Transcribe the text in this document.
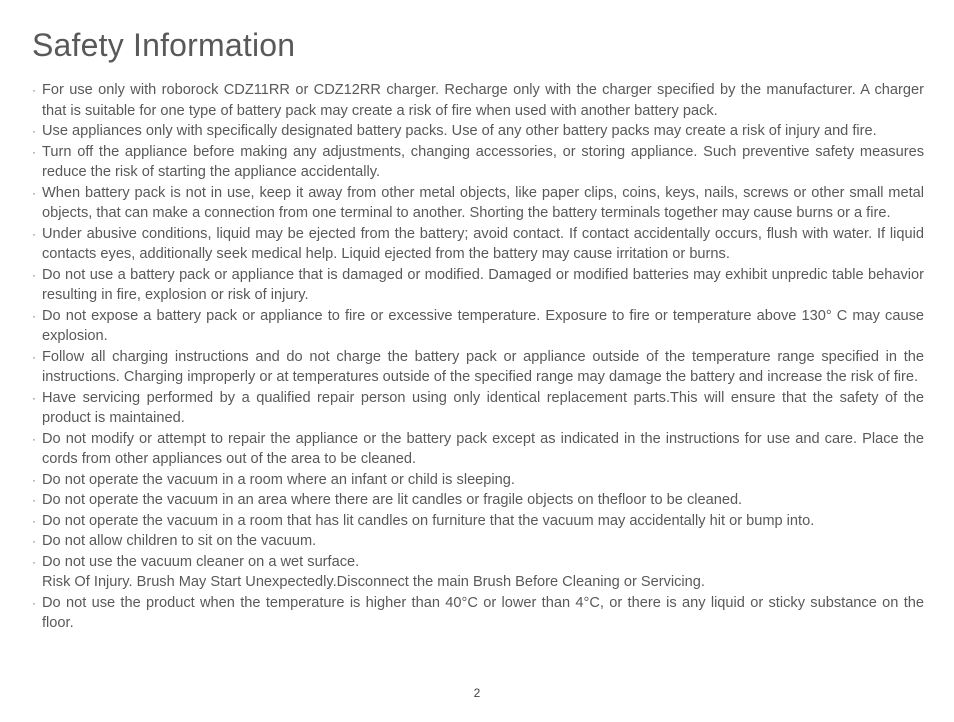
Safety Information
· For use only with roborock CDZ11RR or CDZ12RR charger. Recharge only with the charger specified by the manufacturer. A charger that is suitable for one type of battery pack may create a risk of fire when used with another battery pack.
· Use appliances only with specifically designated battery packs. Use of any other battery packs may create a risk of injury and fire.
· Turn off the appliance before making any adjustments, changing accessories, or storing appliance. Such preventive safety measures reduce the risk of starting the appliance accidentally.
· When battery pack is not in use, keep it away from other metal objects, like paper clips, coins, keys, nails, screws or other small metal objects, that can make a connection from one terminal to another. Shorting the battery terminals together may cause burns or a fire.
· Under abusive conditions, liquid may be ejected from the battery; avoid contact. If contact accidentally occurs, flush with water. If liquid contacts eyes, additionally seek medical help. Liquid ejected from the battery may cause irritation or burns.
· Do not use a battery pack or appliance that is damaged or modified. Damaged or modified batteries may exhibit unpredic table behavior resulting in fire, explosion or risk of injury.
· Do not expose a battery pack or appliance to fire or excessive temperature. Exposure to fire or temperature above 130° C may cause explosion.
· Follow all charging instructions and do not charge the battery pack or appliance outside of the temperature range specified in the instructions. Charging improperly or at temperatures outside of the specified range may damage the battery and increase the risk of fire.
· Have servicing performed by a qualified repair person using only identical replacement parts.This will ensure that the safety of the product is maintained.
· Do not modify or attempt to repair the appliance or the battery pack except as indicated in the instructions for use and care. Place the cords from other appliances out of the area to be cleaned.
· Do not operate the vacuum in a room where an infant or child is sleeping.
· Do not operate the vacuum in an area where there are lit candles or fragile objects on thefloor to be cleaned.
· Do not operate the vacuum in a room that has lit candles on furniture that the vacuum may accidentally hit or bump into.
· Do not allow children to sit on the vacuum.
· Do not use the vacuum cleaner on a wet surface.
Risk Of Injury. Brush May Start Unexpectedly.Disconnect the main Brush Before Cleaning or Servicing.
· Do not use the product when the temperature is higher than 40°C or lower than 4°C, or there is any liquid or sticky substance on the floor.
2
